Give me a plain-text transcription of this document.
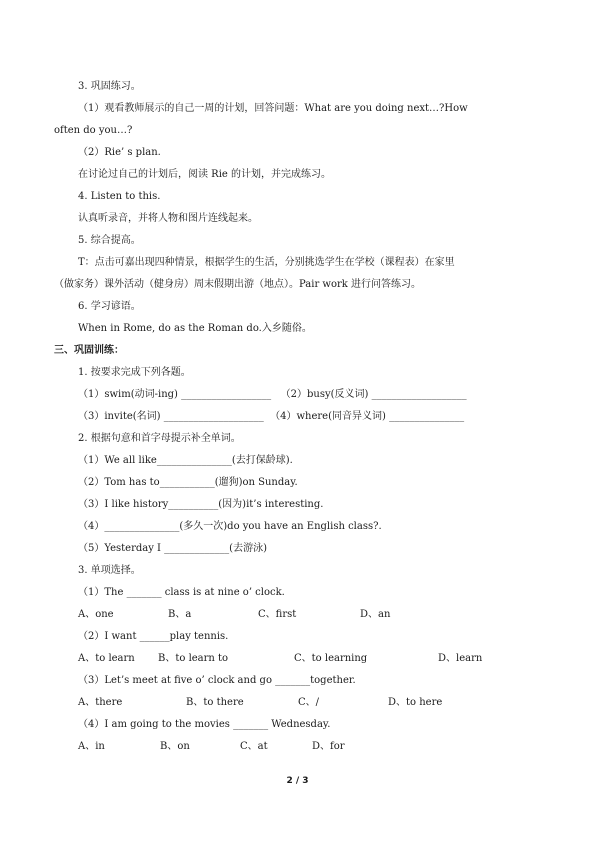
3. 巩固练习。
（1）观看教师展示的自己一周的计划，回答问题：What are you doing next…?How
often do you…?
（2）Rie’ s plan.
在讨论过自己的计划后，阅读 Rie 的计划，并完成练习。
4. Listen to this.
认真听录音，并将人物和图片连线起来。
5. 综合提高。
T：点击可嘉出现四种情景，根据学生的生活，分别挑选学生在学校（课程表）在家里
（做家务）课外活动（健身房）周末假期出游（地点）。Pair work 进行问答练习。
6. 学习谚语。
When in Rome, do as the Roman do.入乡随俗。
三、巩固训练：
1. 按要求完成下列各题。
（1）swim(动词-ing) __________________   （2）busy(反义词) ___________________
（3）invite(名词) ____________________  （4）where(同音异义词) _______________
2. 根据句意和首字母提示补全单词。
（1）We all like_______________(去打保龄球).
（2）Tom has to___________(遛狗)on Sunday.
（3）I like history__________(因为)it’s interesting.
（4）_______________(多久一次)do you have an English class?.
（5）Yesterday I _____________(去游泳)
3. 单项选择。
（1）The _______ class is at nine o’ clock.
A、one	B、a	C、first	D、an
（2）I want ______play tennis.
A、to learn B、to learn to	C、to learning	D、learn
（3）Let’s meet at five o’ clock and go _______together.
A、there	B、to there	C、/	D、to here
（4）I am going to the movies _______ Wednesday.
A、in	B、on	C、at	D、for
2 / 3
